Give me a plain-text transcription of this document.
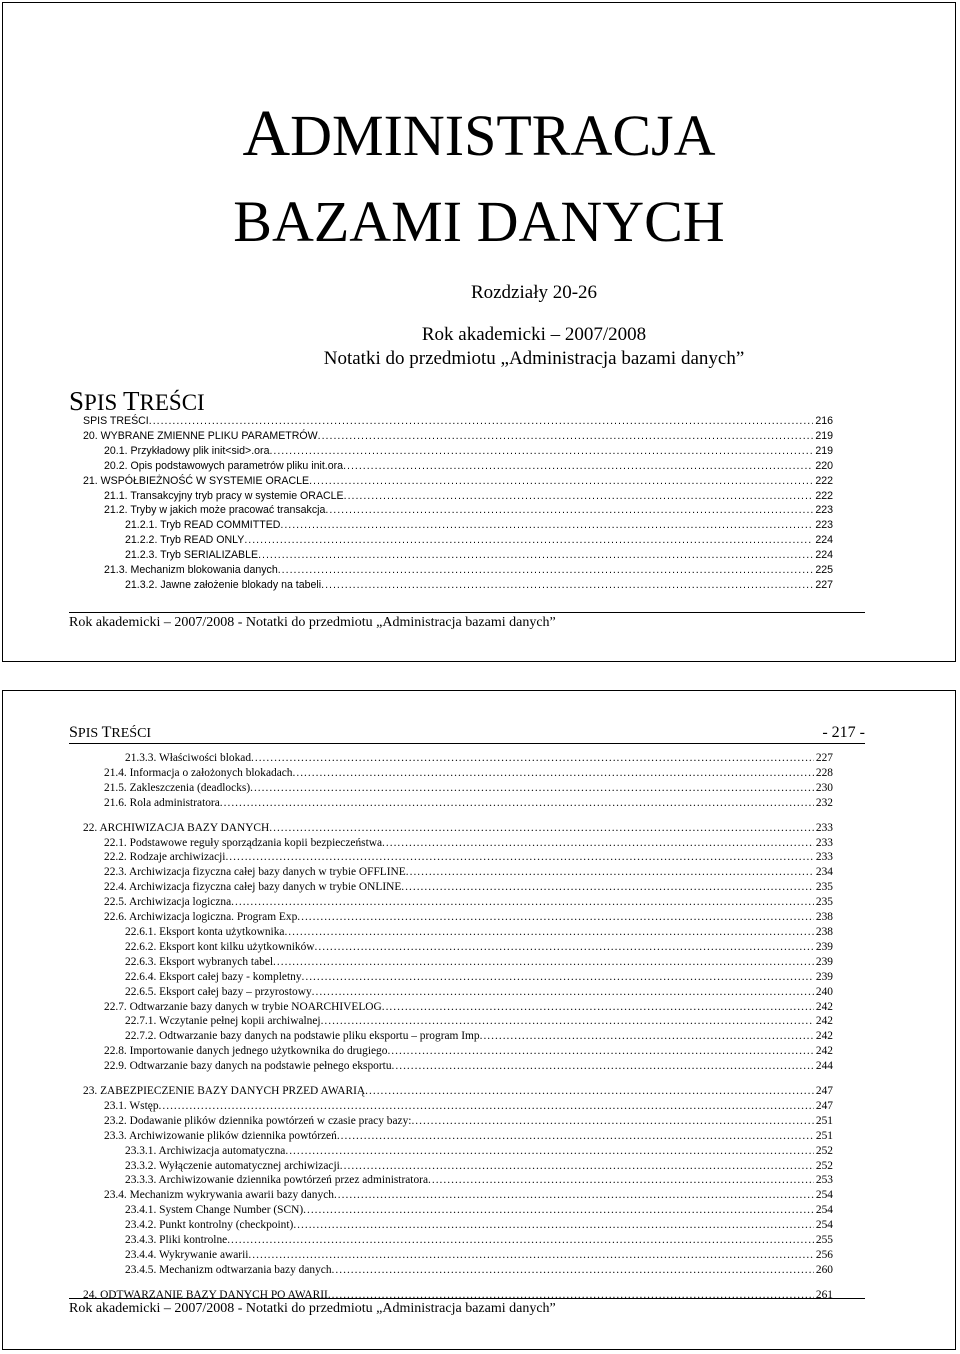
ADMINISTRACJA
BAZAMI DANYCH
Rozdziały 20-26
Rok akademicki – 2007/2008
Notatki do przedmiotu „Administracja bazami danych”
SPIS TREŚCI
SPIS TREŚCI .....	216
20. WYBRANE ZMIENNE PLIKU PARAMETRÓW .....	219
20.1. Przykładowy plik init<sid>.ora .....	219
20.2. Opis podstawowych parametrów pliku init.ora .....	220
21. WSPÓŁBIEŻNOŚĆ W SYSTEMIE ORACLE .....	222
21.1. Transakcyjny tryb pracy w systemie ORACLE .....	222
21.2. Tryby w jakich może pracować transakcja .....	223
21.2.1. Tryb READ COMMITTED .....	223
21.2.2. Tryb READ ONLY .....	224
21.2.3. Tryb SERIALIZABLE .....	224
21.3. Mechanizm blokowania danych .....	225
21.3.2. Jawne założenie blokady na tabeli .....	227
Rok akademicki – 2007/2008 - Notatki do przedmiotu „Administracja bazami danych”
SPIS TREŚCI	- 217 -
21.3.3. Właściwości blokad .....	227
21.4. Informacja o założonych blokadach .....	228
21.5. Zakleszczenia (deadlocks) .....	230
21.6. Rola administratora .....	232
22. ARCHIWIZACJA BAZY DANYCH .....	233
22.1. Podstawowe reguły sporządzania kopii bezpieczeństwa .....	233
22.2. Rodzaje archiwizacji .....	233
22.3. Archiwizacja fizyczna całej bazy danych w trybie OFFLINE .....	234
22.4. Archiwizacja fizyczna całej bazy danych w trybie ONLINE .....	235
22.5. Archiwizacja logiczna .....	235
22.6. Archiwizacja logiczna. Program Exp .....	238
22.6.1. Eksport konta użytkownika .....	238
22.6.2. Eksport kont kilku użytkowników .....	239
22.6.3. Eksport wybranych tabel .....	239
22.6.4. Eksport całej bazy - kompletny .....	239
22.6.5. Eksport całej bazy – przyrostowy .....	240
22.7. Odtwarzanie bazy danych w trybie NOARCHIVELOG .....	242
22.7.1. Wczytanie pełnej kopii archiwalnej .....	242
22.7.2. Odtwarzanie bazy danych na podstawie pliku eksportu – program Imp .....	242
22.8. Importowanie danych jednego użytkownika do drugiego .....	242
22.9. Odtwarzanie bazy danych na podstawie pełnego eksportu .....	244
23. ZABEZPIECZENIE BAZY DANYCH PRZED AWARIĄ .....	247
23.1. Wstęp .....	247
23.2. Dodawanie plików dziennika powtórzeń w czasie pracy bazy: .....	251
23.3. Archiwizowanie plików dziennika powtórzeń .....	251
23.3.1. Archiwizacja automatyczna .....	252
23.3.2. Wyłączenie automatycznej archiwizacji .....	252
23.3.3. Archiwizowanie dziennika powtórzeń przez administratora .....	253
23.4. Mechanizm wykrywania awarii bazy danych .....	254
23.4.1. System Change Number (SCN) .....	254
23.4.2. Punkt kontrolny (checkpoint) .....	254
23.4.3. Pliki kontrolne .....	255
23.4.4. Wykrywanie awarii .....	256
23.4.5. Mechanizm odtwarzania bazy danych .....	260
24. ODTWARZANIE BAZY DANYCH PO AWARII .....	261
Rok akademicki – 2007/2008 - Notatki do przedmiotu „Administracja bazami danych”
